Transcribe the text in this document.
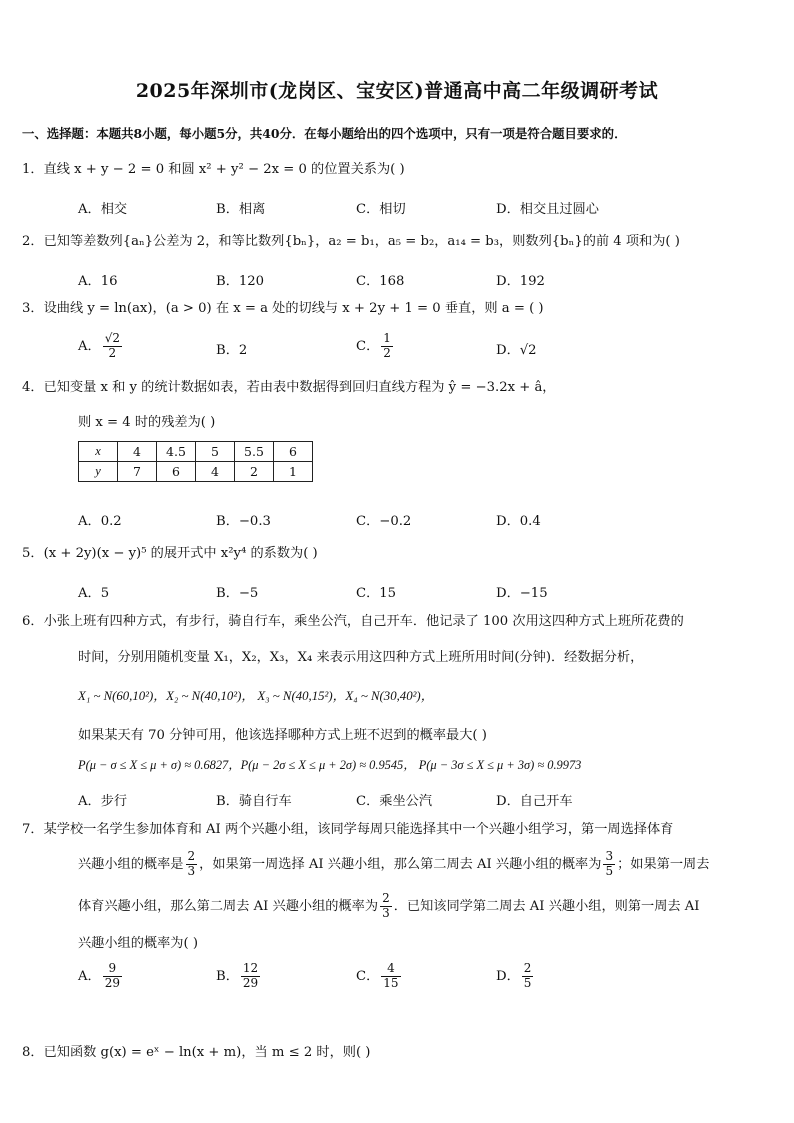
2025年深圳市(龙岗区、宝安区)普通高中高二年级调研考试
一、选择题：本题共8小题，每小题5分，共40分．在每小题给出的四个选项中，只有一项是符合题目要求的．
1．直线 x + y − 2 = 0 和圆 x² + y² − 2x = 0 的位置关系为( )
A．相交	B．相离	C．相切	D．相交且过圆心
2．已知等差数列{aₙ}公差为 2，和等比数列{bₙ}，a₂ = b₁，a₅ = b₂，a₁₄ = b₃，则数列{bₙ}的前 4 项和为( )
A．16	B．120	C．168	D．192
3．设曲线 y = ln(ax)，(a > 0) 在 x = a 处的切线与 x + 2y + 1 = 0 垂直，则 a = ( )
A． $\frac{√2}{2}$	B．2	C． $\frac{1}{2}$	D．√2
4．已知变量 x 和 y 的统计数据如表，若由表中数据得到回归直线方程为 ŷ = −3.2x + â，
则 x = 4 时的残差为( )
x	4	4.5	5	5.5	6
y	7	6	4	2	1
A．0.2	B．−0.3	C．−0.2	D．0.4
5．(x + 2y)(x − y)⁵ 的展开式中 x²y⁴ 的系数为( )
A．5	B．−5	C．15	D．−15
6．小张上班有四种方式，有步行，骑自行车，乘坐公汽，自己开车．他记录了 100 次用这四种方式上班所花费的
时间，分别用随机变量 X₁，X₂，X₃，X₄ 来表示用这四种方式上班所用时间(分钟)．经数据分析，
X₁ ~ N(60,10²)，X₂ ~ N(40,10²)， X₃ ~ N(40,15²)，X₄ ~ N(30,40²)，
如果某天有 70 分钟可用，他该选择哪种方式上班不迟到的概率最大( )
P(μ − σ ≤ X ≤ μ + σ) ≈ 0.6827，P(μ − 2σ ≤ X ≤ μ + 2σ) ≈ 0.9545， P(μ − 3σ ≤ X ≤ μ + 3σ) ≈ 0.9973
A．步行	B．骑自行车	C．乘坐公汽	D．自己开车
7．某学校一名学生参加体育和 AI 两个兴趣小组，该同学每周只能选择其中一个兴趣小组学习，第一周选择体育
兴趣小组的概率是 $\frac{2}{3}$ ，如果第一周选择 AI 兴趣小组，那么第二周去 AI 兴趣小组的概率为 $\frac{3}{5}$ ；如果第一周去
体育兴趣小组，那么第二周去 AI 兴趣小组的概率为 $\frac{2}{3}$ ．已知该同学第二周去 AI 兴趣小组，则第一周去 AI
兴趣小组的概率为( )
A． $\frac{9}{29}$	B． $\frac{12}{29}$	C． $\frac{4}{15}$	D． $\frac{2}{5}$
8．已知函数 g(x) = eˣ − ln(x + m)，当 m ≤ 2 时，则( )
